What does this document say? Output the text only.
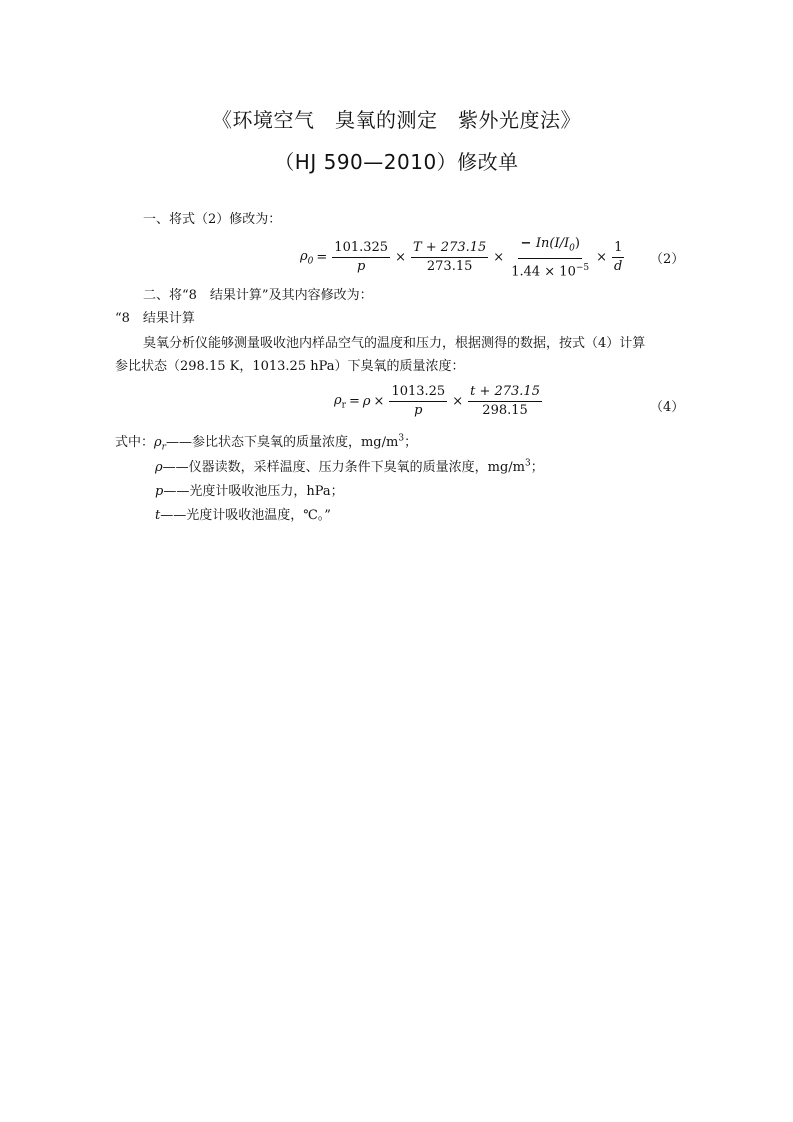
《环境空气　臭氧的测定　紫外光度法》
（HJ 590—2010）修改单
一、将式（2）修改为：
$\rho_0 = \frac{101.325}{p} \times \frac{T + 273.15}{273.15} \times \frac{- In(I/I_0)}{1.44 \times 10^{-5}} \times \frac{1}{d} (2)$
二、将“8　结果计算”及其内容修改为：
“8　结果计算
臭氧分析仪能够测量吸收池内样品空气的温度和压力，根据测得的数据，按式（4）计算
参比状态（298.15 K，1013.25 hPa）下臭氧的质量浓度：
$\rho_r = \rho \times \frac{1013.25}{p} \times \frac{t + 273.15}{298.15}$	（4）
式中：$\rho_r——$参比状态下臭氧的质量浓度，$mg/m^3$；
ρ——仪器读数，采样温度、压力条件下臭氧的质量浓度，$mg/m^3$；
p——光度计吸收池压力，hPa；
t——光度计吸收池温度，℃。”
